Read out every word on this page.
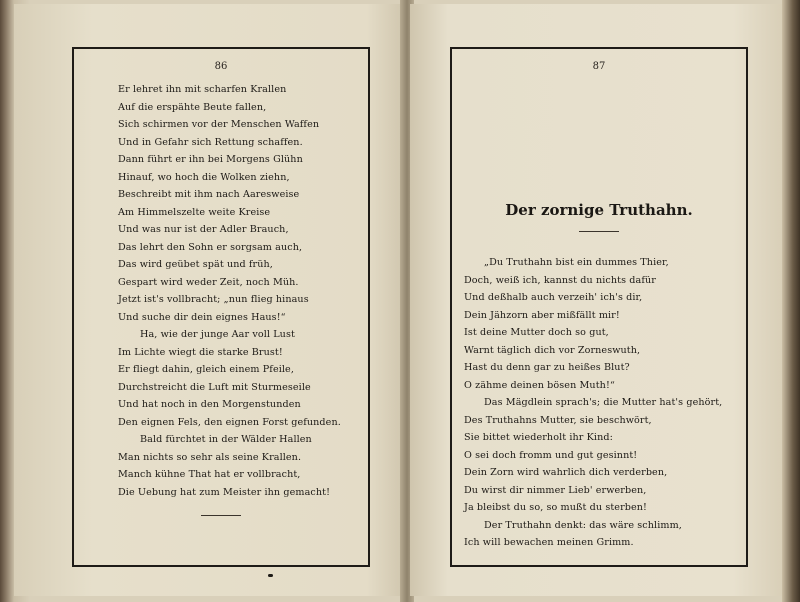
86
Er lehret ihn mit scharfen Krallen
Auf die erspähte Beute fallen,
Sich schirmen vor der Menschen Waffen
Und in Gefahr sich Rettung schaffen.
Dann führt er ihn bei Morgens Glühn
Hinauf, wo hoch die Wolken ziehn,
Beschreibt mit ihm nach Aaresweise
Am Himmelszelte weite Kreise
Und was nur ist der Adler Brauch,
Das lehrt den Sohn er sorgsam auch,
Das wird geübet spät und früh,
Gespart wird weder Zeit, noch Müh.
Jetzt ist's vollbracht; „nun flieg hinaus
Und suche dir dein eignes Haus!“
Ha, wie der junge Aar voll Lust
Im Lichte wiegt die starke Brust!
Er fliegt dahin, gleich einem Pfeile,
Durchstreicht die Luft mit Sturmeseile
Und hat noch in den Morgenstunden
Den eignen Fels, den eignen Forst gefunden.
Bald fürchtet in der Wälder Hallen
Man nichts so sehr als seine Krallen.
Manch kühne That hat er vollbracht,
Die Uebung hat zum Meister ihn gemacht!
87
Der zornige Truthahn.
„Du Truthahn bist ein dummes Thier,
Doch, weiß ich, kannst du nichts dafür
Und deßhalb auch verzeih' ich's dir,
Dein Jähzorn aber mißfällt mir!
Ist deine Mutter doch so gut,
Warnt täglich dich vor Zorneswuth,
Hast du denn gar zu heißes Blut?
O zähme deinen bösen Muth!“
Das Mägdlein sprach's; die Mutter hat's gehört,
Des Truthahns Mutter, sie beschwört,
Sie bittet wiederholt ihr Kind:
O sei doch fromm und gut gesinnt!
Dein Zorn wird wahrlich dich verderben,
Du wirst dir nimmer Lieb' erwerben,
Ja bleibst du so, so mußt du sterben!
Der Truthahn denkt: das wäre schlimm,
Ich will bewachen meinen Grimm.
